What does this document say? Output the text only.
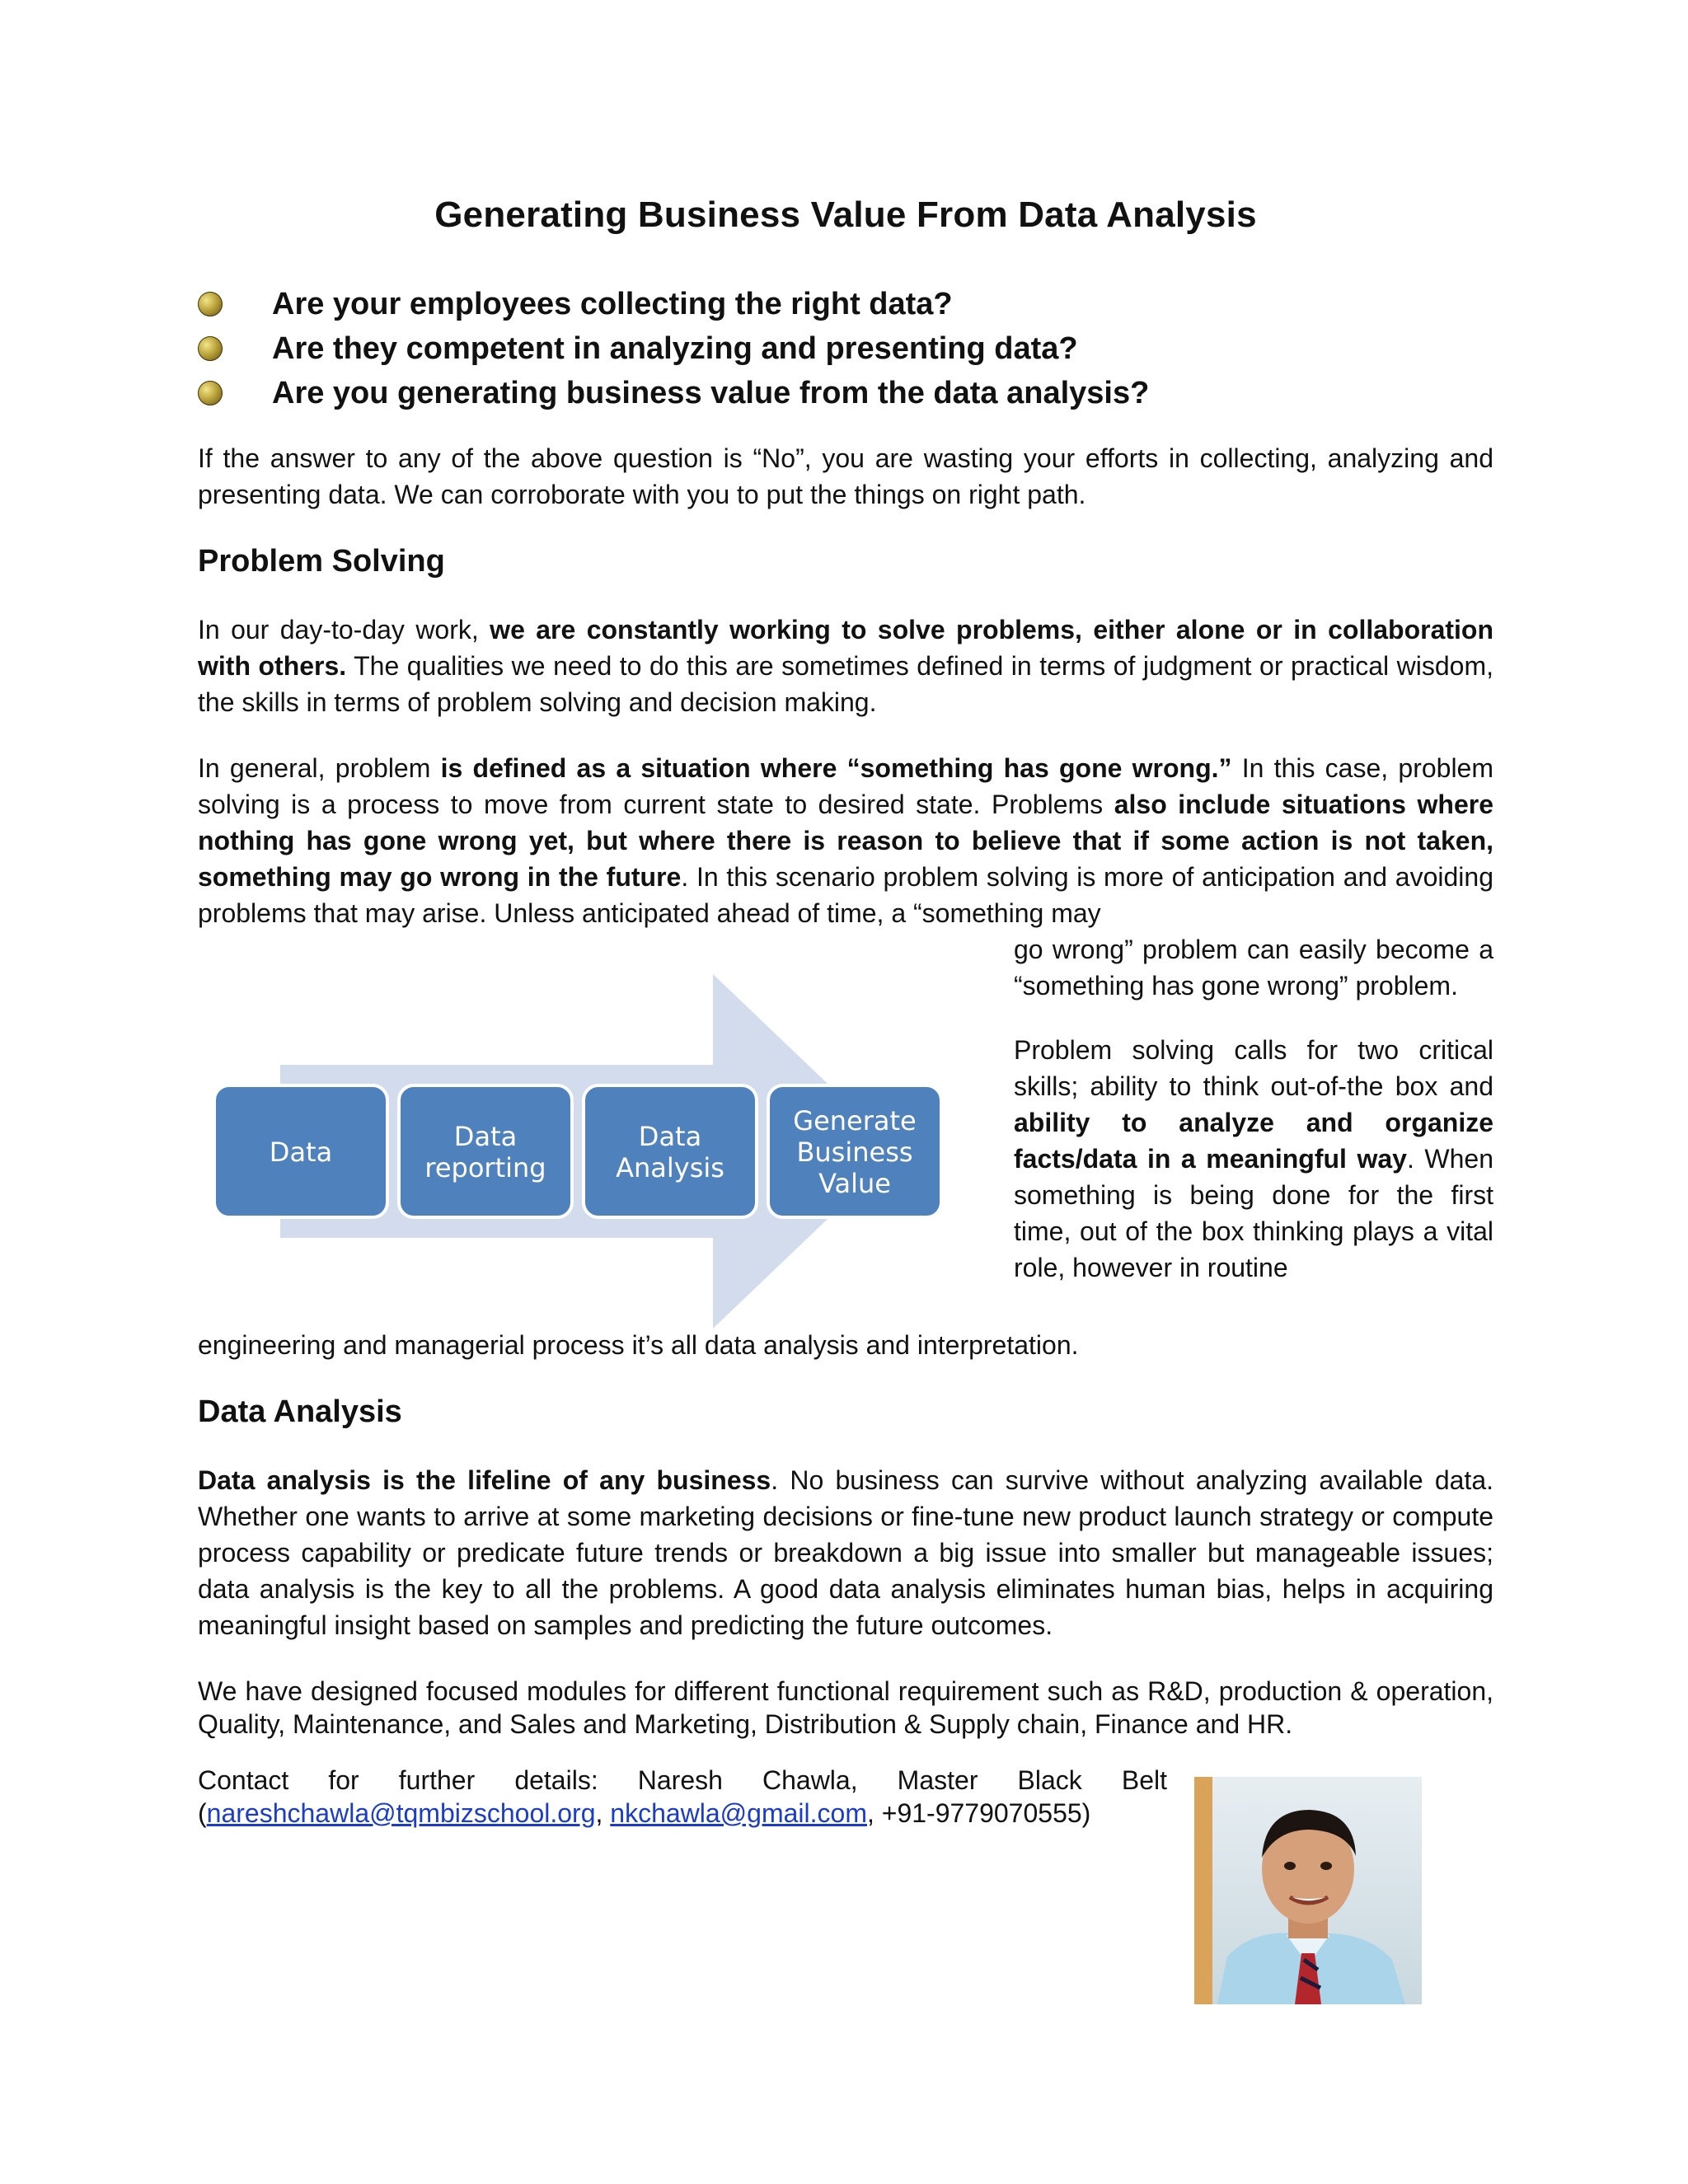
Generating Business Value From Data Analysis
Are your employees collecting the right data?
Are they competent in analyzing and presenting data?
Are you generating business value from the data analysis?

If the answer to any of the above question is “No”, you are wasting your efforts in collecting, analyzing and presenting data. We can corroborate with you to put the things on right path.

Problem Solving

In our day-to-day work, we are constantly working to solve problems, either alone or in collaboration with others. The qualities we need to do this are sometimes defined in terms of judgment or practical wisdom, the skills in terms of problem solving and decision making.

In general, problem is defined as a situation where “something has gone wrong.” In this case, problem solving is a process to move from current state to desired state. Problems also include situations where nothing has gone wrong yet, but where there is reason to believe that if some action is not taken, something may go wrong in the future. In this scenario problem solving is more of anticipation and avoiding problems that may arise. Unless anticipated ahead of time, a “something may

Data	Data
reporting
Data
Analysis
Generate
Business
Value

go wrong” problem can easily become a “something has gone wrong” problem.

Problem solving calls for two critical skills; ability to think out-of-the box and ability to analyze and organize facts/data in a meaningful way. When something is being done for the first time, out of the box thinking plays a vital role, however in routine

engineering and managerial process it’s all data analysis and interpretation.

Data Analysis

Data analysis is the lifeline of any business. No business can survive without analyzing available data. Whether one wants to arrive at some marketing decisions or fine-tune new product launch strategy or compute process capability or predicate future trends or breakdown a big issue into smaller but manageable issues; data analysis is the key to all the problems. A good data analysis eliminates human bias, helps in acquiring meaningful insight based on samples and predicting the future outcomes.

We have designed focused modules for different functional requirement such as R&D, production & operation, Quality, Maintenance, and Sales and Marketing, Distribution & Supply chain, Finance and HR.

Contact for further details: Naresh Chawla, Master Black Belt (nareshchawla@tqmbizschool.org, nkchawla@gmail.com, +91-9779070555)
